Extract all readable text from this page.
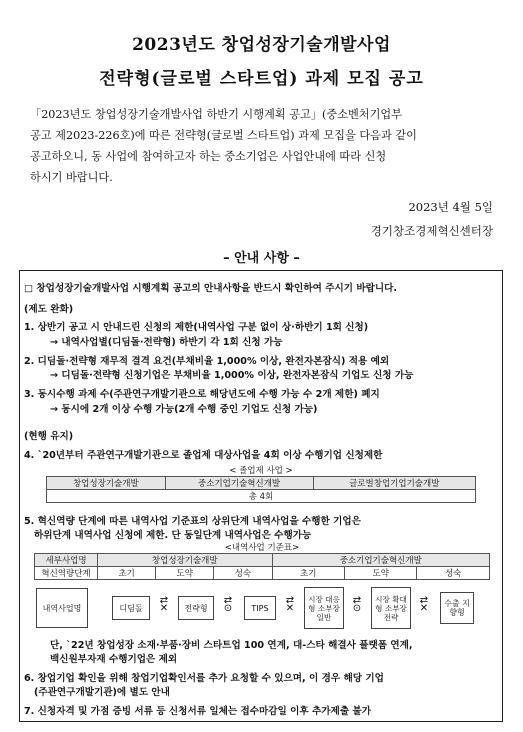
2023년도 창업성장기술개발사업
전략형(글로벌 스타트업) 과제 모집 공고
「2023년도 창업성장기술개발사업 하반기 시행계획 공고」(중소벤처기업부
공고 제2023-226호)에 따른 전략형(글로벌 스타트업) 과제 모집을 다음과 같이
공고하오니, 동 사업에 참여하고자 하는 중소기업은 사업안내에 따라 신청
하시기 바랍니다.
2023년 4월 5일
경기창조경제혁신센터장
– 안내 사항 –
□ 창업성장기술개발사업 시행계획 공고의 안내사항을 반드시 확인하여 주시기 바랍니다.
(제도 완화)
1. 상반기 공고 시 안내드린 신청의 제한(내역사업 구분 없이 상·하반기 1회 신청)
→ 내역사업별(디딤돌·전략형) 하반기 각 1회 신청 가능
2. 디딤돌·전략형 재무적 결격 요건(부채비율 1,000% 이상, 완전자본잠식) 적용 예외
→ 디딤돌·전략형 신청기업은 부채비율 1,000% 이상, 완전자본잠식 기업도 신청 가능
3. 동시수행 과제 수(주관연구개발기관으로 해당년도에 수행 가능 수 2개 제한) 폐지
→ 동시에 2개 이상 수행 가능(2개 수행 중인 기업도 신청 가능)
(현행 유지)
4. `20년부터 주관연구개발기관으로 졸업제 대상사업을 4회 이상 수행기업 신청제한
< 졸업제 사업 >
창업성장기술개발	중소기업기술혁신개발	글로벌창업기업기술개발
총 4회
5. 혁신역량 단계에 따른 내역사업 기준표의 상위단계 내역사업을 수행한 기업은
하위단계 내역사업 신청에 제한. 단 동일단계 내역사업은 수행가능
<내역사업 기준표>
세부사업명	창업성장기술개발			중소기업기술혁신개발		
혁신역량단계	초기	도약	성숙	초기	도약	성숙
내역사업명	디딤돌
⇄
✕	전략형
⇄
⊙	TIPS
⇄
✕
시장 대응형 소부장 일반
⇄
⊙
시장 확대형 소부장 전략
⇄
✕	수출 지향형
단, `22년 창업성장 소재·부품·장비 스타트업 100 연계, 대-스타 해결사 플랫폼 연계,
백신원부자재 수행기업은 제외
6. 창업기업 확인을 위해 창업기업확인서를 추가 요청할 수 있으며, 이 경우 해당 기업
(주관연구개발기관)에 별도 안내
7. 신청자격 및 가점 증빙 서류 등 신청서류 일체는 접수마감일 이후 추가제출 불가
